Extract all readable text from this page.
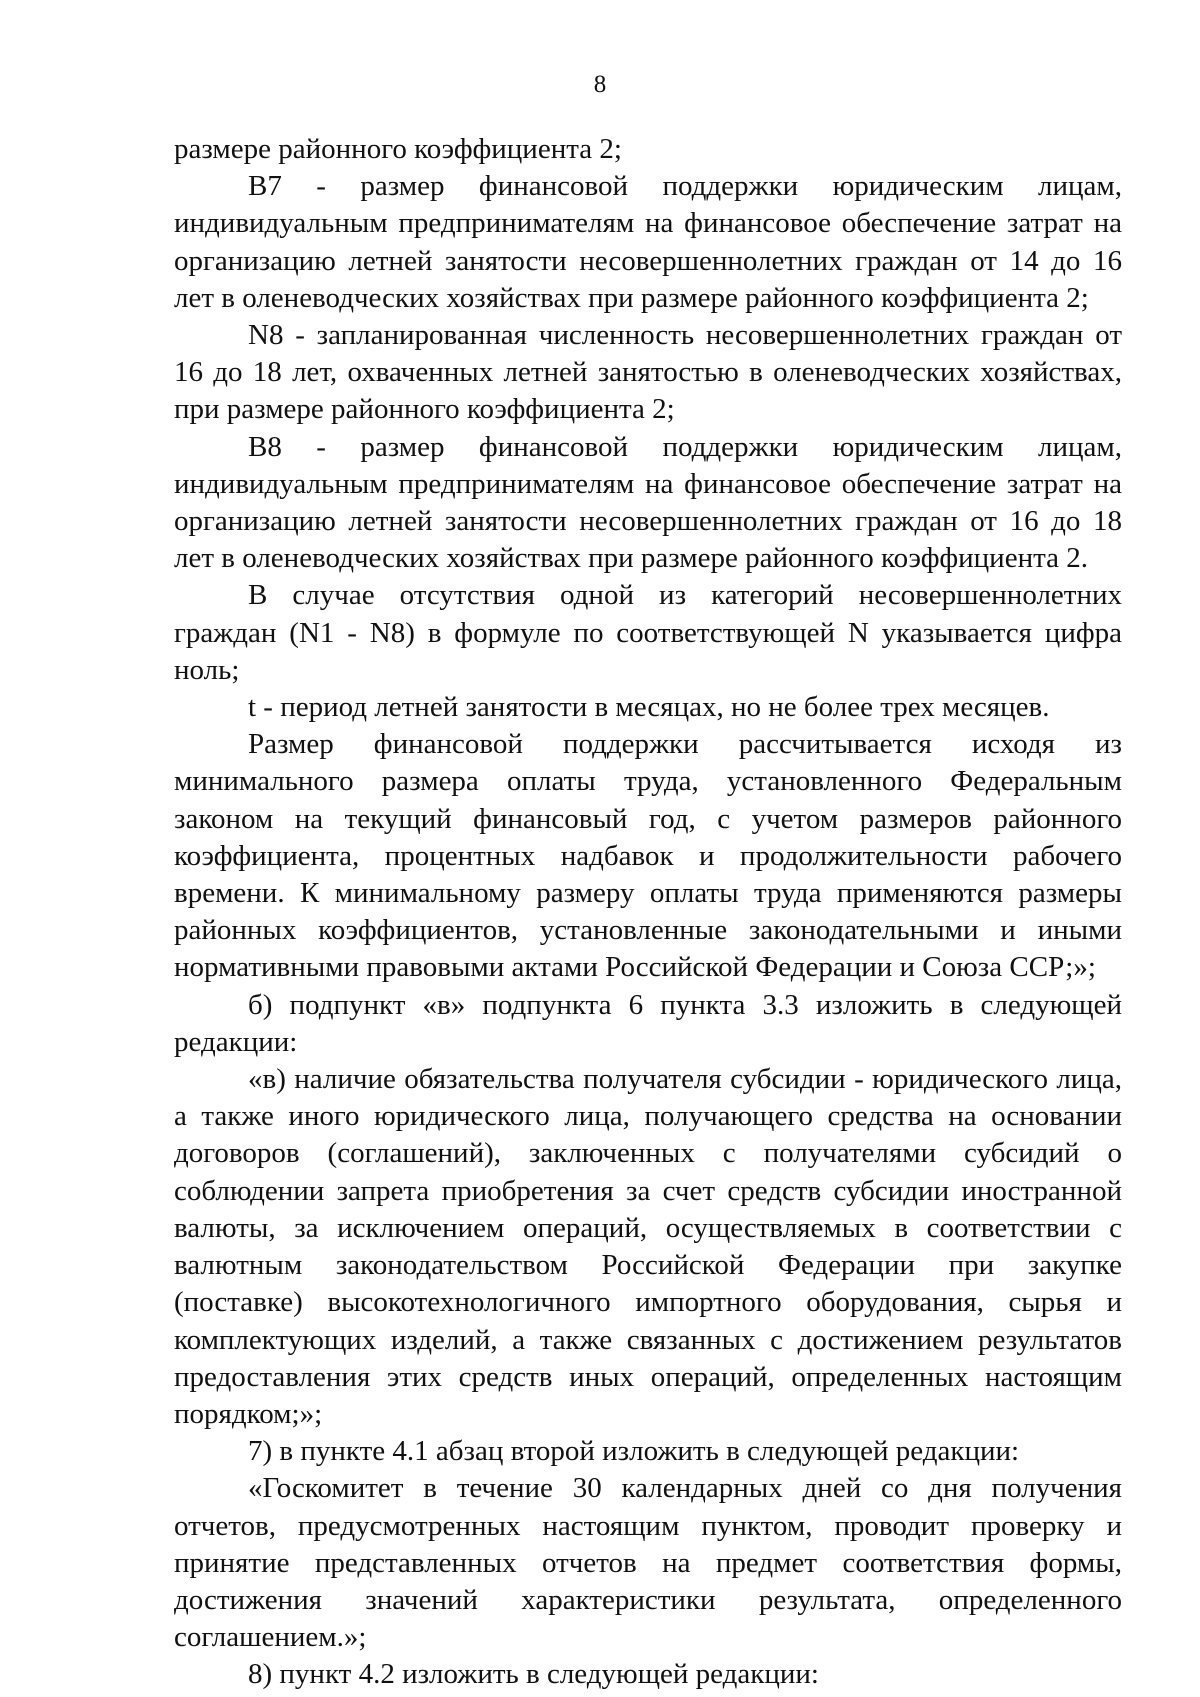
8

размере районного коэффициента 2;

B7 - размер финансовой поддержки юридическим лицам, индивидуальным предпринимателям на финансовое обеспечение затрат на организацию летней занятости несовершеннолетних граждан от 14 до 16 лет в оленеводческих хозяйствах при размере районного коэффициента 2;

N8 - запланированная численность несовершеннолетних граждан от 16 до 18 лет, охваченных летней занятостью в оленеводческих хозяйствах, при размере районного коэффициента 2;

B8 - размер финансовой поддержки юридическим лицам, индивидуальным предпринимателям на финансовое обеспечение затрат на организацию летней занятости несовершеннолетних граждан от 16 до 18 лет в оленеводческих хозяйствах при размере районного коэффициента 2.

В случае отсутствия одной из категорий несовершеннолетних граждан (N1 - N8) в формуле по соответствующей N указывается цифра ноль;

t - период летней занятости в месяцах, но не более трех месяцев.

Размер финансовой поддержки рассчитывается исходя из минимального размера оплаты труда, установленного Федеральным законом на текущий финансовый год, с учетом размеров районного коэффициента, процентных надбавок и продолжительности рабочего времени. К минимальному размеру оплаты труда применяются размеры районных коэффициентов, установленные законодательными и иными нормативными правовыми актами Российской Федерации и Союза ССР;»;

б) подпункт «в» подпункта 6 пункта 3.3 изложить в следующей редакции:

«в) наличие обязательства получателя субсидии - юридического лица, а также иного юридического лица, получающего средства на основании договоров (соглашений), заключенных с получателями субсидий о соблюдении запрета приобретения за счет средств субсидии иностранной валюты, за исключением операций, осуществляемых в соответствии с валютным законодательством Российской Федерации при закупке (поставке) высокотехнологичного импортного оборудования, сырья и комплектующих изделий, а также связанных с достижением результатов предоставления этих средств иных операций, определенных настоящим порядком;»;

7) в пункте 4.1 абзац второй изложить в следующей редакции:

«Госкомитет в течение 30 календарных дней со дня получения отчетов, предусмотренных настоящим пунктом, проводит проверку и принятие представленных отчетов на предмет соответствия формы, достижения значений характеристики результата, определенного соглашением.»;

8) пункт 4.2 изложить в следующей редакции:
